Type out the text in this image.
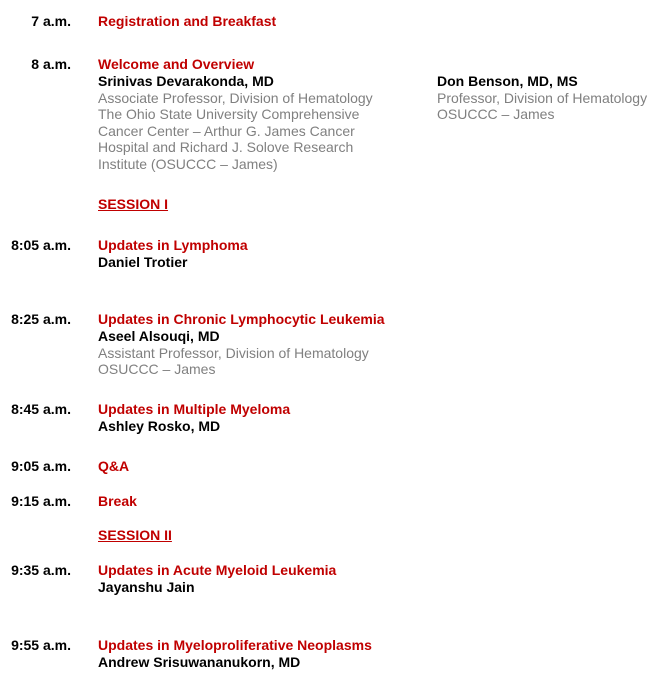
7 a.m. Registration and Breakfast
8 a.m. Welcome and Overview
Srinivas Devarakonda, MD
Associate Professor, Division of Hematology
The Ohio State University Comprehensive
Cancer Center – Arthur G. James Cancer
Hospital and Richard J. Solove Research
Institute (OSUCCC – James)
Don Benson, MD, MS
Professor, Division of Hematology
OSUCCC – James
SESSION I
8:05 a.m. Updates in Lymphoma
Daniel Trotier
8:25 a.m. Updates in Chronic Lymphocytic Leukemia
Aseel Alsouqi, MD
Assistant Professor, Division of Hematology
OSUCCC – James
8:45 a.m. Updates in Multiple Myeloma
Ashley Rosko, MD
9:05 a.m. Q&A
9:15 a.m. Break
SESSION II
9:35 a.m. Updates in Acute Myeloid Leukemia
Jayanshu Jain
9:55 a.m. Updates in Myeloproliferative Neoplasms
Andrew Srisuwananukorn, MD
